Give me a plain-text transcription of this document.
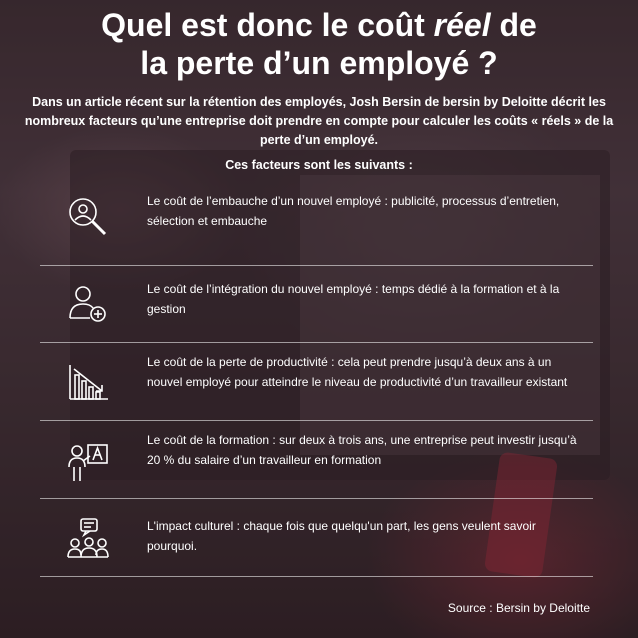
Quel est donc le coût réel de
la perte d’un employé ?

Dans un article récent sur la rétention des employés, Josh Bersin de bersin by Deloitte décrit les nombreux facteurs qu’une entreprise doit prendre en compte pour calculer les coûts « réels » de la perte d’un employé.

Ces facteurs sont les suivants :

Le coût de l’embauche d’un nouvel employé : publicité, processus d’entretien, sélection et embauche
Le coût de l’intégration du nouvel employé : temps dédié à la formation et à la gestion
Le coût de la perte de productivité : cela peut prendre jusqu’à deux ans à un nouvel employé pour atteindre le niveau de productivité d’un travailleur existant
Le coût de la formation : sur deux à trois ans, une entreprise peut investir jusqu’à 20 % du salaire d’un travailleur en formation
L'impact culturel : chaque fois que quelqu'un part, les gens veulent savoir pourquoi.
Source : Bersin by Deloitte
